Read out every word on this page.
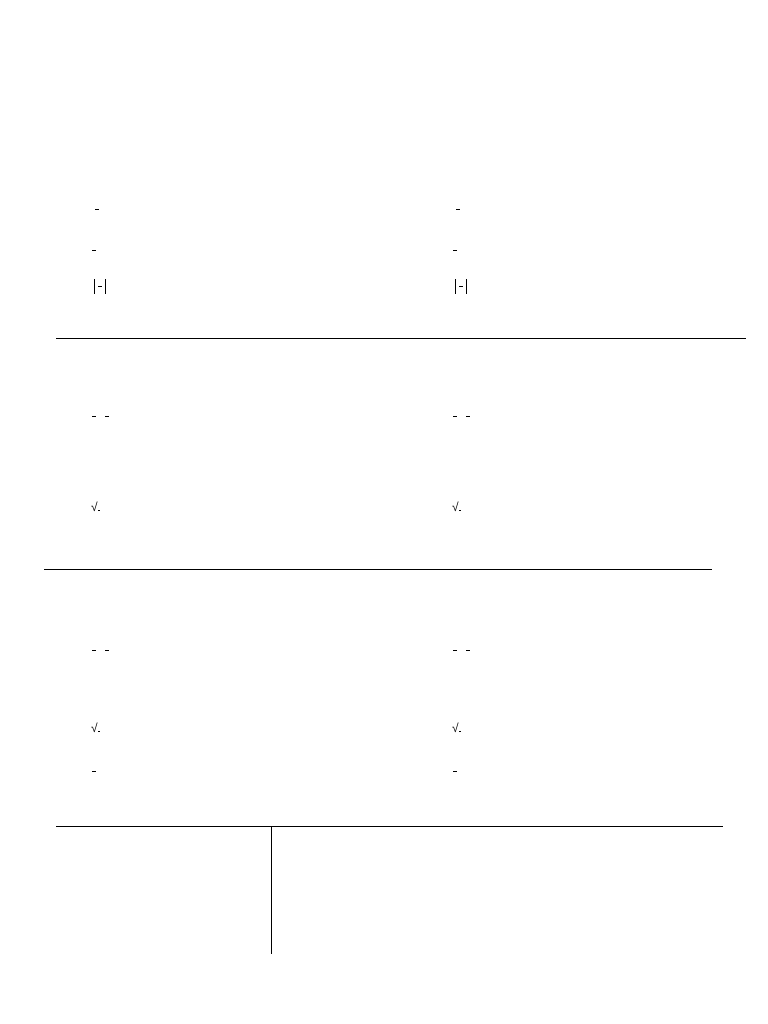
√

	√

√

	√
